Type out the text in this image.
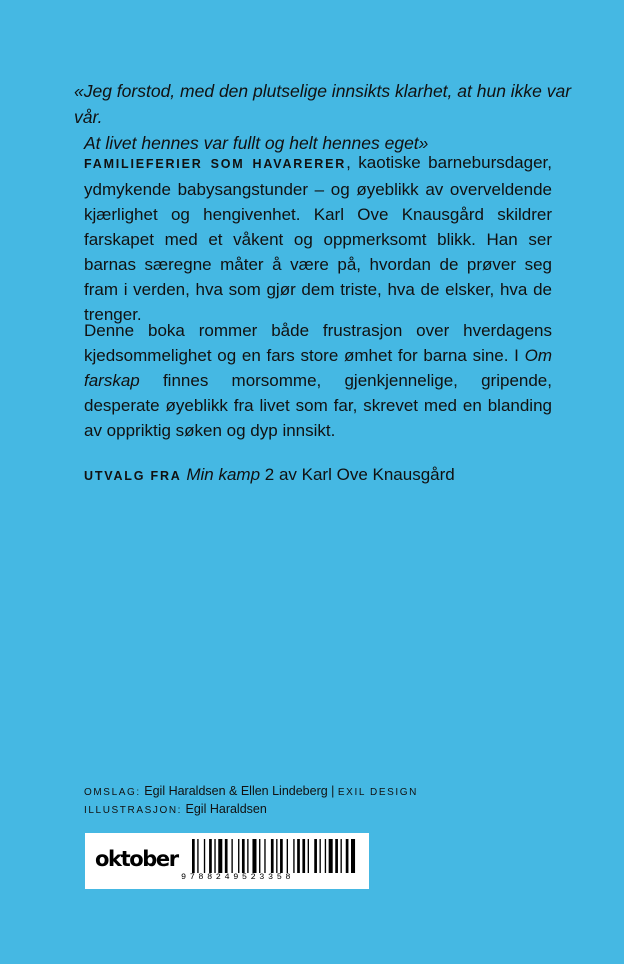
«Jeg forstod, med den plutselige innsikts klarhet, at hun ikke var vår.
At livet hennes var fullt og helt hennes eget»
FAMILIEFERIER SOM HAVARERER, kaotiske barnebursdager, ydmykende babysangstunder – og øyeblikk av overveldende kjærlighet og hengivenhet. Karl Ove Knausgård skildrer farskapet med et våkent og oppmerksomt blikk. Han ser barnas særegne måter å være på, hvordan de prøver seg fram i verden, hva som gjør dem triste, hva de elsker, hva de trenger.
Denne boka rommer både frustrasjon over hverdagens kjedsommelighet og en fars store ømhet for barna sine. I Om farskap finnes morsomme, gjenkjennelige, gripende, desperate øyeblikk fra livet som far, skrevet med en blanding av oppriktig søken og dyp innsikt.
UTVALG FRA Min kamp 2 av Karl Ove Knausgård
OMSLAG: Egil Haraldsen & Ellen Lindeberg | EXIL DESIGN
ILLUSTRASJON: Egil Haraldsen
oktober
9788249523358
